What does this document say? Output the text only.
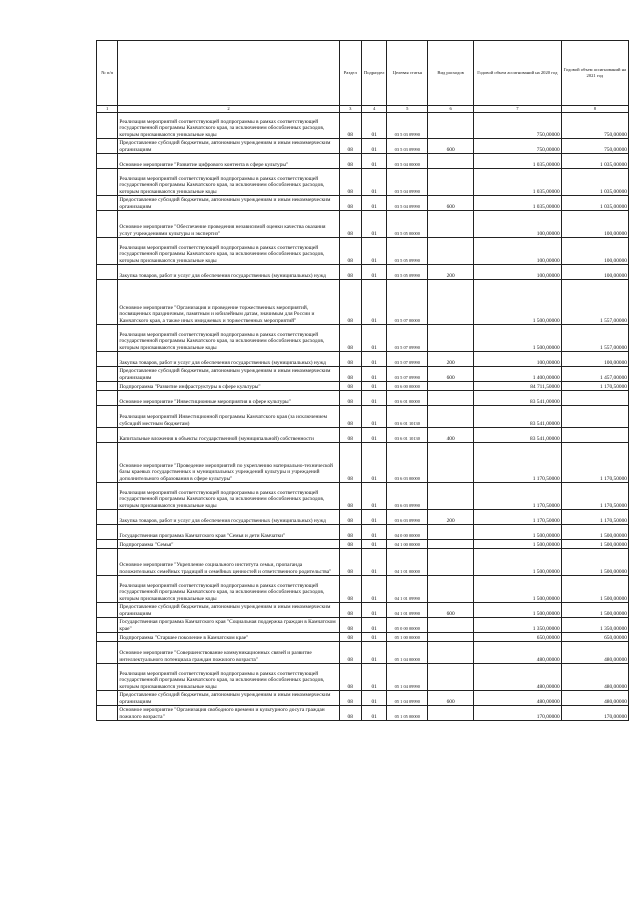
№ п/п		Раздел	Подраздел	Целевая статья	Вид расходов	Годовой объем ассигнований на 2020 год	Годовой объем ассигнований на 2021 год
1	2	3	4	5	6	7	8
	Реализация мероприятий соответствующей подпрограммы в рамках соответствующей государственной программы Камчатского края, за исключением обособленных расходов, которым присваиваются уникальные коды	08	01	03 5 03 09990		750,00000	750,00000
	Предоставление субсидий бюджетным, автономным учреждениям и иным некоммерческим организациям	08	01	03 5 03 09990	600	750,00000	750,00000
	Основное мероприятие "Развитие цифрового контента в сфере культуры"	08	01	03 5 04 00000		1 035,00000	1 035,00000
	Реализация мероприятий соответствующей подпрограммы в рамках соответствующей государственной программы Камчатского края, за исключением обособленных расходов, которым присваиваются уникальные коды	08	01	03 5 04 09990		1 035,00000	1 035,00000
	Предоставление субсидий бюджетным, автономным учреждениям и иным некоммерческим организациям	08	01	03 5 04 09990	600	1 035,00000	1 035,00000
	Основное мероприятие "Обеспечение проведения независимой оценки качества оказания услуг учреждениями культуры и экспертиз"	08	01	03 5 05 00000		100,00000	100,00000
	Реализация мероприятий соответствующей подпрограммы в рамках соответствующей государственной программы Камчатского края, за исключением обособленных расходов, которым присваиваются уникальные коды	08	01	03 5 05 09990		100,00000	100,00000
	Закупка товаров, работ и услуг для обеспечения государственных (муниципальных) нужд	08	01	03 5 05 09990	200	100,00000	100,00000
	Основное мероприятие "Организация и проведение торжественных мероприятий, посвященных праздничным, памятным и юбилейным датам, значимым для России и Камчатского края, а также иных имиджевых и торжественных мероприятий"	08	01	03 5 07 00000		1 500,00000	1 557,00000
	Реализация мероприятий соответствующей подпрограммы в рамках соответствующей государственной программы Камчатского края, за исключением обособленных расходов, которым присваиваются уникальные коды	08	01	03 5 07 09990		1 500,00000	1 557,00000
	Закупка товаров, работ и услуг для обеспечения государственных (муниципальных) нужд	08	01	03 5 07 09990	200	100,00000	100,00000
	Предоставление субсидий бюджетным, автономным учреждениям и иным некоммерческим организациям	08	01	03 5 07 09990	600	1 400,00000	1 457,00000
	Подпрограмма "Развитие инфраструктуры в сфере культуры"	08	01	03 6 00 00000		84 711,50000	1 170,50000
	Основное мероприятие "Инвестиционные мероприятия в сфере культуры"	08	01	03 6 01 00000		83 541,00000	
	Реализация мероприятий Инвестиционной программы Камчатского края (за исключением субсидий местным бюджетам)	08	01	03 6 01 10130		83 541,00000	
	Капитальные вложения в объекты государственной (муниципальной) собственности	08	01	03 6 01 10130	400	83 541,00000	
	Основное мероприятие "Проведение мероприятий по укреплению материально-технической базы краевых государственных и муниципальных учреждений культуры и учреждений дополнительного образования в сфере культуры"	08	01	03 6 03 00000		1 170,50000	1 170,50000
	Реализация мероприятий соответствующей подпрограммы в рамках соответствующей государственной программы Камчатского края, за исключением обособленных расходов, которым присваиваются уникальные коды	08	01	03 6 03 09990		1 170,50000	1 170,50000
	Закупка товаров, работ и услуг для обеспечения государственных (муниципальных) нужд	08	01	03 6 03 09990	200	1 170,50000	1 170,50000
	Государственная программа Камчатского края "Семья и дети Камчатки"	08	01	04 0 00 00000		1 500,00000	1 500,00000
	Подпрограмма "Семья"	08	01	04 1 00 00000		1 500,00000	1 500,00000
	Основное мероприятие "Укрепление социального института семьи, пропаганда положительных семейных традиций и семейных ценностей и ответственного родительства"	08	01	04 1 01 00000		1 500,00000	1 500,00000
	Реализация мероприятий соответствующей подпрограммы в рамках соответствующей государственной программы Камчатского края, за исключением обособленных расходов, которым присваиваются уникальные коды	08	01	04 1 01 09990		1 500,00000	1 500,00000
	Предоставление субсидий бюджетным, автономным учреждениям и иным некоммерческим организациям	08	01	04 1 01 09990	600	1 500,00000	1 500,00000
	Государственная программа Камчатского края "Социальная поддержка граждан в Камчатском крае"	08	01	05 0 00 00000		1 350,00000	1 350,00000
	Подпрограмма "Старшее поколение в Камчатском крае"	08	01	05 1 00 00000		650,00000	650,00000
	Основное мероприятие "Совершенствование коммуникационных связей и развитие интеллектуального потенциала граждан пожилого возраста"	08	01	05 1 04 00000		480,00000	480,00000
	Реализация мероприятий соответствующей подпрограммы в рамках соответствующей государственной программы Камчатского края, за исключением обособленных расходов, которым присваиваются уникальные коды	08	01	05 1 04 09990		480,00000	480,00000
	Предоставление субсидий бюджетным, автономным учреждениям и иным некоммерческим организациям	08	01	05 1 04 09990	600	480,00000	480,00000
	Основное мероприятие "Организация свободного времени и культурного досуга граждан пожилого возраста"	08	01	05 1 05 00000		170,00000	170,00000
